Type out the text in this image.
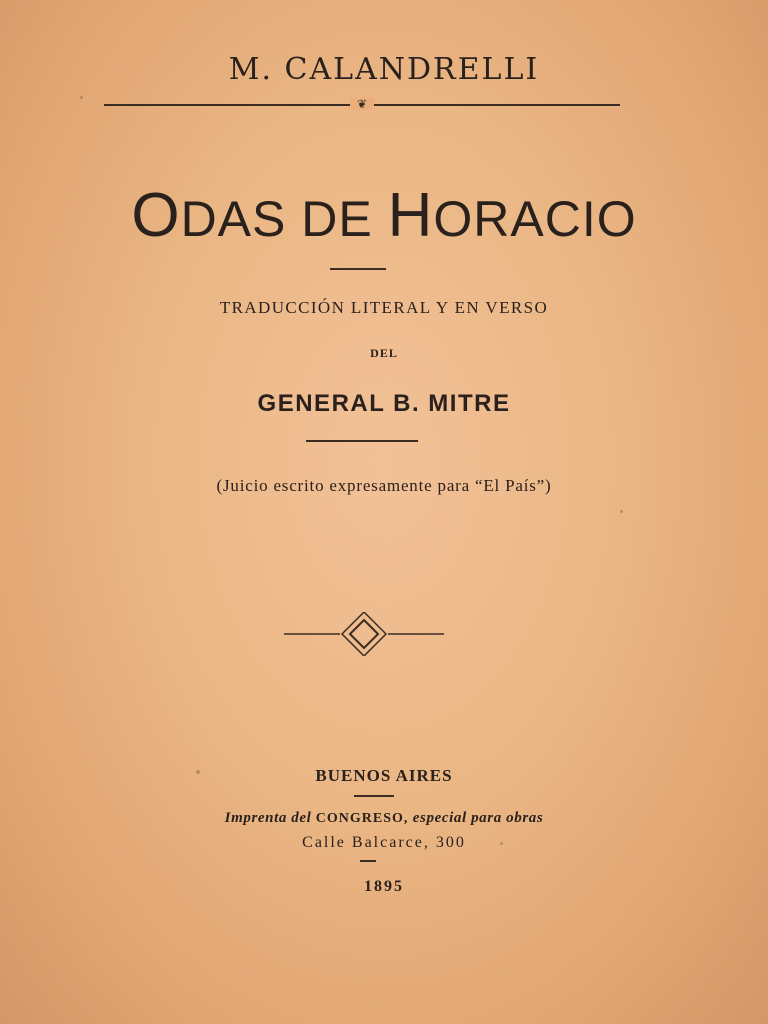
M. CALANDRELLI
❦
ODAS DE HORACIO
TRADUCCIÓN LITERAL Y EN VERSO
DEL
GENERAL B. MITRE
(Juicio escrito expresamente para “El País”)
BUENOS AIRES
Imprenta del CONGRESO, especial para obras
Calle Balcarce, 300
1895
